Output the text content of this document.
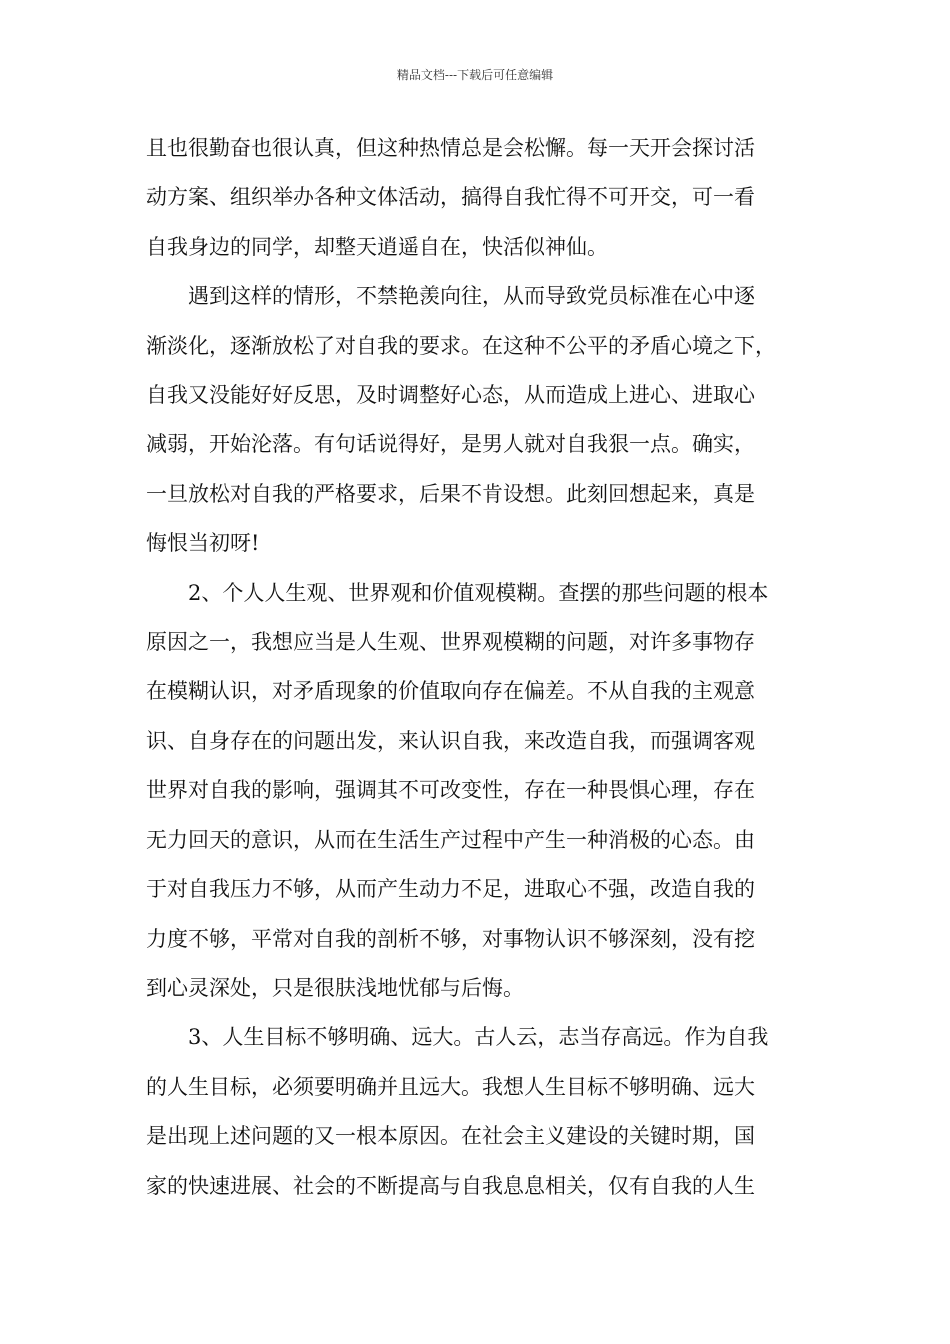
精品文档---下载后可任意编辑
且也很勤奋也很认真，但这种热情总是会松懈。每一天开会探讨活
动方案、组织举办各种文体活动，搞得自我忙得不可开交，可一看
自我身边的同学，却整天逍遥自在，快活似神仙。
遇到这样的情形，不禁艳羡向往，从而导致党员标准在心中逐
渐淡化，逐渐放松了对自我的要求。在这种不公平的矛盾心境之下，
自我又没能好好反思，及时调整好心态，从而造成上进心、进取心
减弱，开始沦落。有句话说得好，是男人就对自我狠一点。确实，
一旦放松对自我的严格要求，后果不肯设想。此刻回想起来，真是
悔恨当初呀!
2、个人人生观、世界观和价值观模糊。查摆的那些问题的根本
原因之一，我想应当是人生观、世界观模糊的问题，对许多事物存
在模糊认识，对矛盾现象的价值取向存在偏差。不从自我的主观意
识、自身存在的问题出发，来认识自我，来改造自我，而强调客观
世界对自我的影响，强调其不可改变性，存在一种畏惧心理，存在
无力回天的意识，从而在生活生产过程中产生一种消极的心态。由
于对自我压力不够，从而产生动力不足，进取心不强，改造自我的
力度不够，平常对自我的剖析不够，对事物认识不够深刻，没有挖
到心灵深处，只是很肤浅地忧郁与后悔。
3、人生目标不够明确、远大。古人云，志当存高远。作为自我
的人生目标，必须要明确并且远大。我想人生目标不够明确、远大
是出现上述问题的又一根本原因。在社会主义建设的关键时期，国
家的快速进展、社会的不断提高与自我息息相关，仅有自我的人生
